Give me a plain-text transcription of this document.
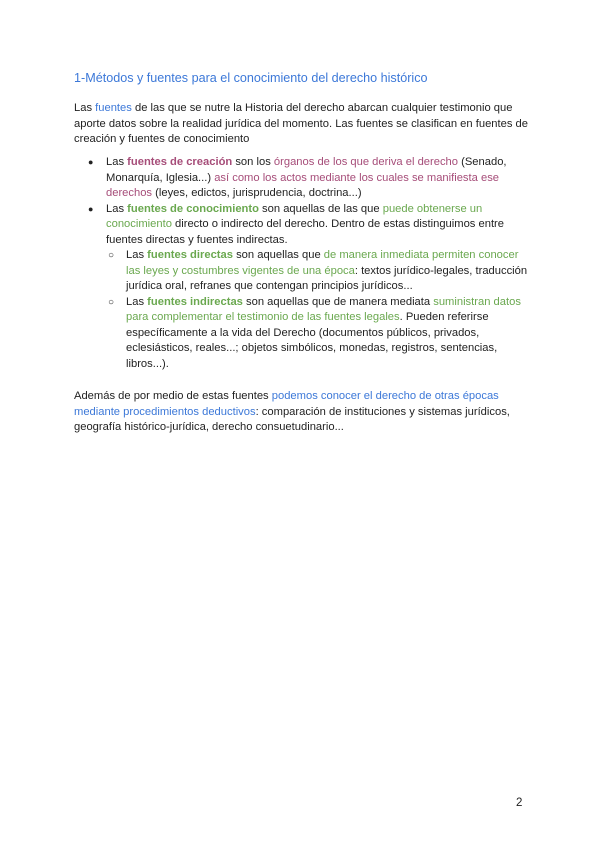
1-Métodos y fuentes para el conocimiento del derecho histórico
Las fuentes de las que se nutre la Historia del derecho abarcan cualquier testimonio que aporte datos sobre la realidad jurídica del momento. Las fuentes se clasifican en fuentes de creación y fuentes de conocimiento
● Las fuentes de creación son los órganos de los que deriva el derecho (Senado, Monarquía, Iglesia...) así como los actos mediante los cuales se manifiesta ese derechos (leyes, edictos, jurisprudencia, doctrina...)
● Las fuentes de conocimiento son aquellas de las que puede obtenerse un conocimiento directo o indirecto del derecho. Dentro de estas distinguimos entre fuentes directas y fuentes indirectas.
○ Las fuentes directas son aquellas que de manera inmediata permiten conocer las leyes y costumbres vigentes de una época: textos jurídico-legales, traducción jurídica oral, refranes que contengan principios jurídicos...
○ Las fuentes indirectas son aquellas que de manera mediata suministran datos para complementar el testimonio de las fuentes legales. Pueden referirse específicamente a la vida del Derecho (documentos públicos, privados, eclesiásticos, reales...; objetos simbólicos, monedas, registros, sentencias, libros...).
Además de por medio de estas fuentes podemos conocer el derecho de otras épocas mediante procedimientos deductivos: comparación de instituciones y sistemas jurídicos, geografía histórico-jurídica, derecho consuetudinario...
2
